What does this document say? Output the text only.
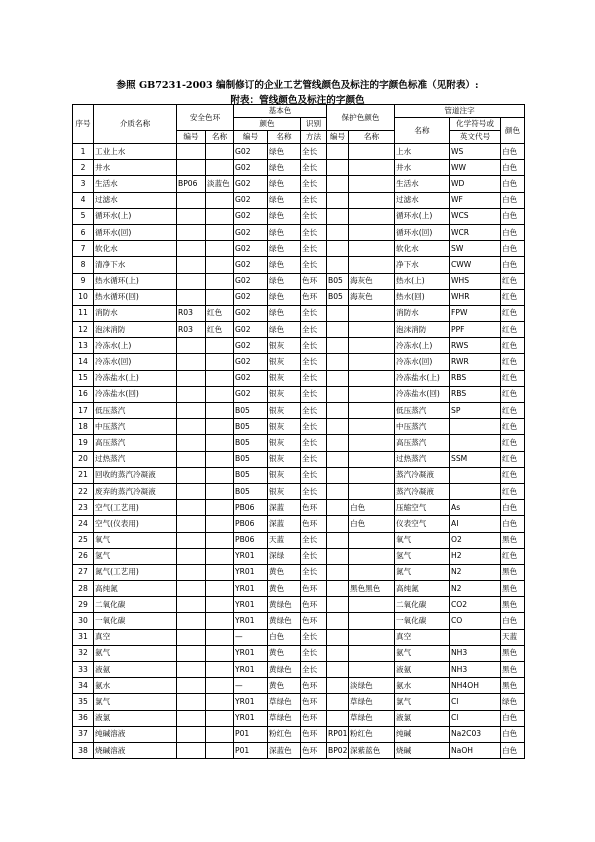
参照 GB7231-2003 编制修订的企业工艺管线颜色及标注的字颜色标准（见附表）:
附表：管线颜色及标注的字颜色
序号	介质名称	安全色环		基本色			保护色颜色		管道注字		
				颜色		识别			名称	化学符号或	颜色
		编号	名称	编号	名称	方法	编号	名称		英文代号	
1	工业上水			G02	绿色	全长			上水	WS	白色
2	井水			G02	绿色	全长			井水	WW	白色
3	生活水	BP06	淡蓝色	G02	绿色	全长			生活水	WD	白色
4	过滤水			G02	绿色	全长			过滤水	WF	白色
5	循环水(上)			G02	绿色	全长			循环水(上)	WCS	白色
6	循环水(回)			G02	绿色	全长			循环水(回)	WCR	白色
7	软化水			G02	绿色	全长			软化水	SW	白色
8	清净下水			G02	绿色	全长			净下水	CWW	白色
9	热水循环(上)			G02	绿色	色环	B05	海灰色	热水(上)	WHS	红色
10	热水循环(回)			G02	绿色	色环	B05	海灰色	热水(回)	WHR	红色
11	消防水	R03	红色	G02	绿色	全长			消防水	FPW	红色
12	泡沫消防	R03	红色	G02	绿色	全长			泡沫消防	PPF	红色
13	冷冻水(上)			G02	银灰	全长			冷冻水(上)	RWS	红色
14	冷冻水(回)			G02	银灰	全长			冷冻水(回)	RWR	红色
15	冷冻盐水(上)			G02	银灰	全长			冷冻盐水(上)	RBS	红色
16	冷冻盐水(回)			G02	银灰	全长			冷冻盐水(回)	RBS	红色
17	低压蒸汽			B05	银灰	全长			低压蒸汽	SP	红色
18	中压蒸汽			B05	银灰	全长			中压蒸汽		红色
19	高压蒸汽			B05	银灰	全长			高压蒸汽		红色
20	过热蒸汽			B05	银灰	全长			过热蒸汽	SSM	红色
21	回收的蒸汽冷凝液			B05	银灰	全长			蒸汽冷凝液		红色
22	废弃的蒸汽冷凝液			B05	银灰	全长			蒸汽冷凝液		红色
23	空气(工艺用)			PB06	深蓝	色环		白色	压缩空气	As	白色
24	空气(仪表用)			PB06	深蓝	色环		白色	仪表空气	AI	白色
25	氧气			PB06	天蓝	全长			氧气	O2	黑色
26	氢气			YR01	深绿	全长			氢气	H2	红色
27	氮气(工艺用)			YR01	黄色	全长			氮气	N2	黑色
28	高纯氮			YR01	黄色	色环		黑色黑色	高纯氮	N2	黑色
29	二氧化碳			YR01	黄绿色	色环			二氧化碳	CO2	黑色
30	一氧化碳			YR01	黄绿色	色环			一氧化碳	CO	白色
31	真空			—	白色	全长			真空		天蓝
32	氨气			YR01	黄色	全长			氨气	NH3	黑色
33	液氨			YR01	黄绿色	全长			液氨	NH3	黑色
34	氨水			—	黄色	色环		淡绿色	氨水	NH4OH	黑色
35	氯气			YR01	草绿色	色环		草绿色	氯气	Cl	绿色
36	液氯			YR01	草绿色	色环		草绿色	液氯	Cl	白色
37	纯碱溶液			P01	粉红色	色环	RP01	粉红色	纯碱	Na2C03	白色
38	烧碱溶液			P01	深蓝色	色环	BP02	深紫蓝色	烧碱	NaOH	白色
